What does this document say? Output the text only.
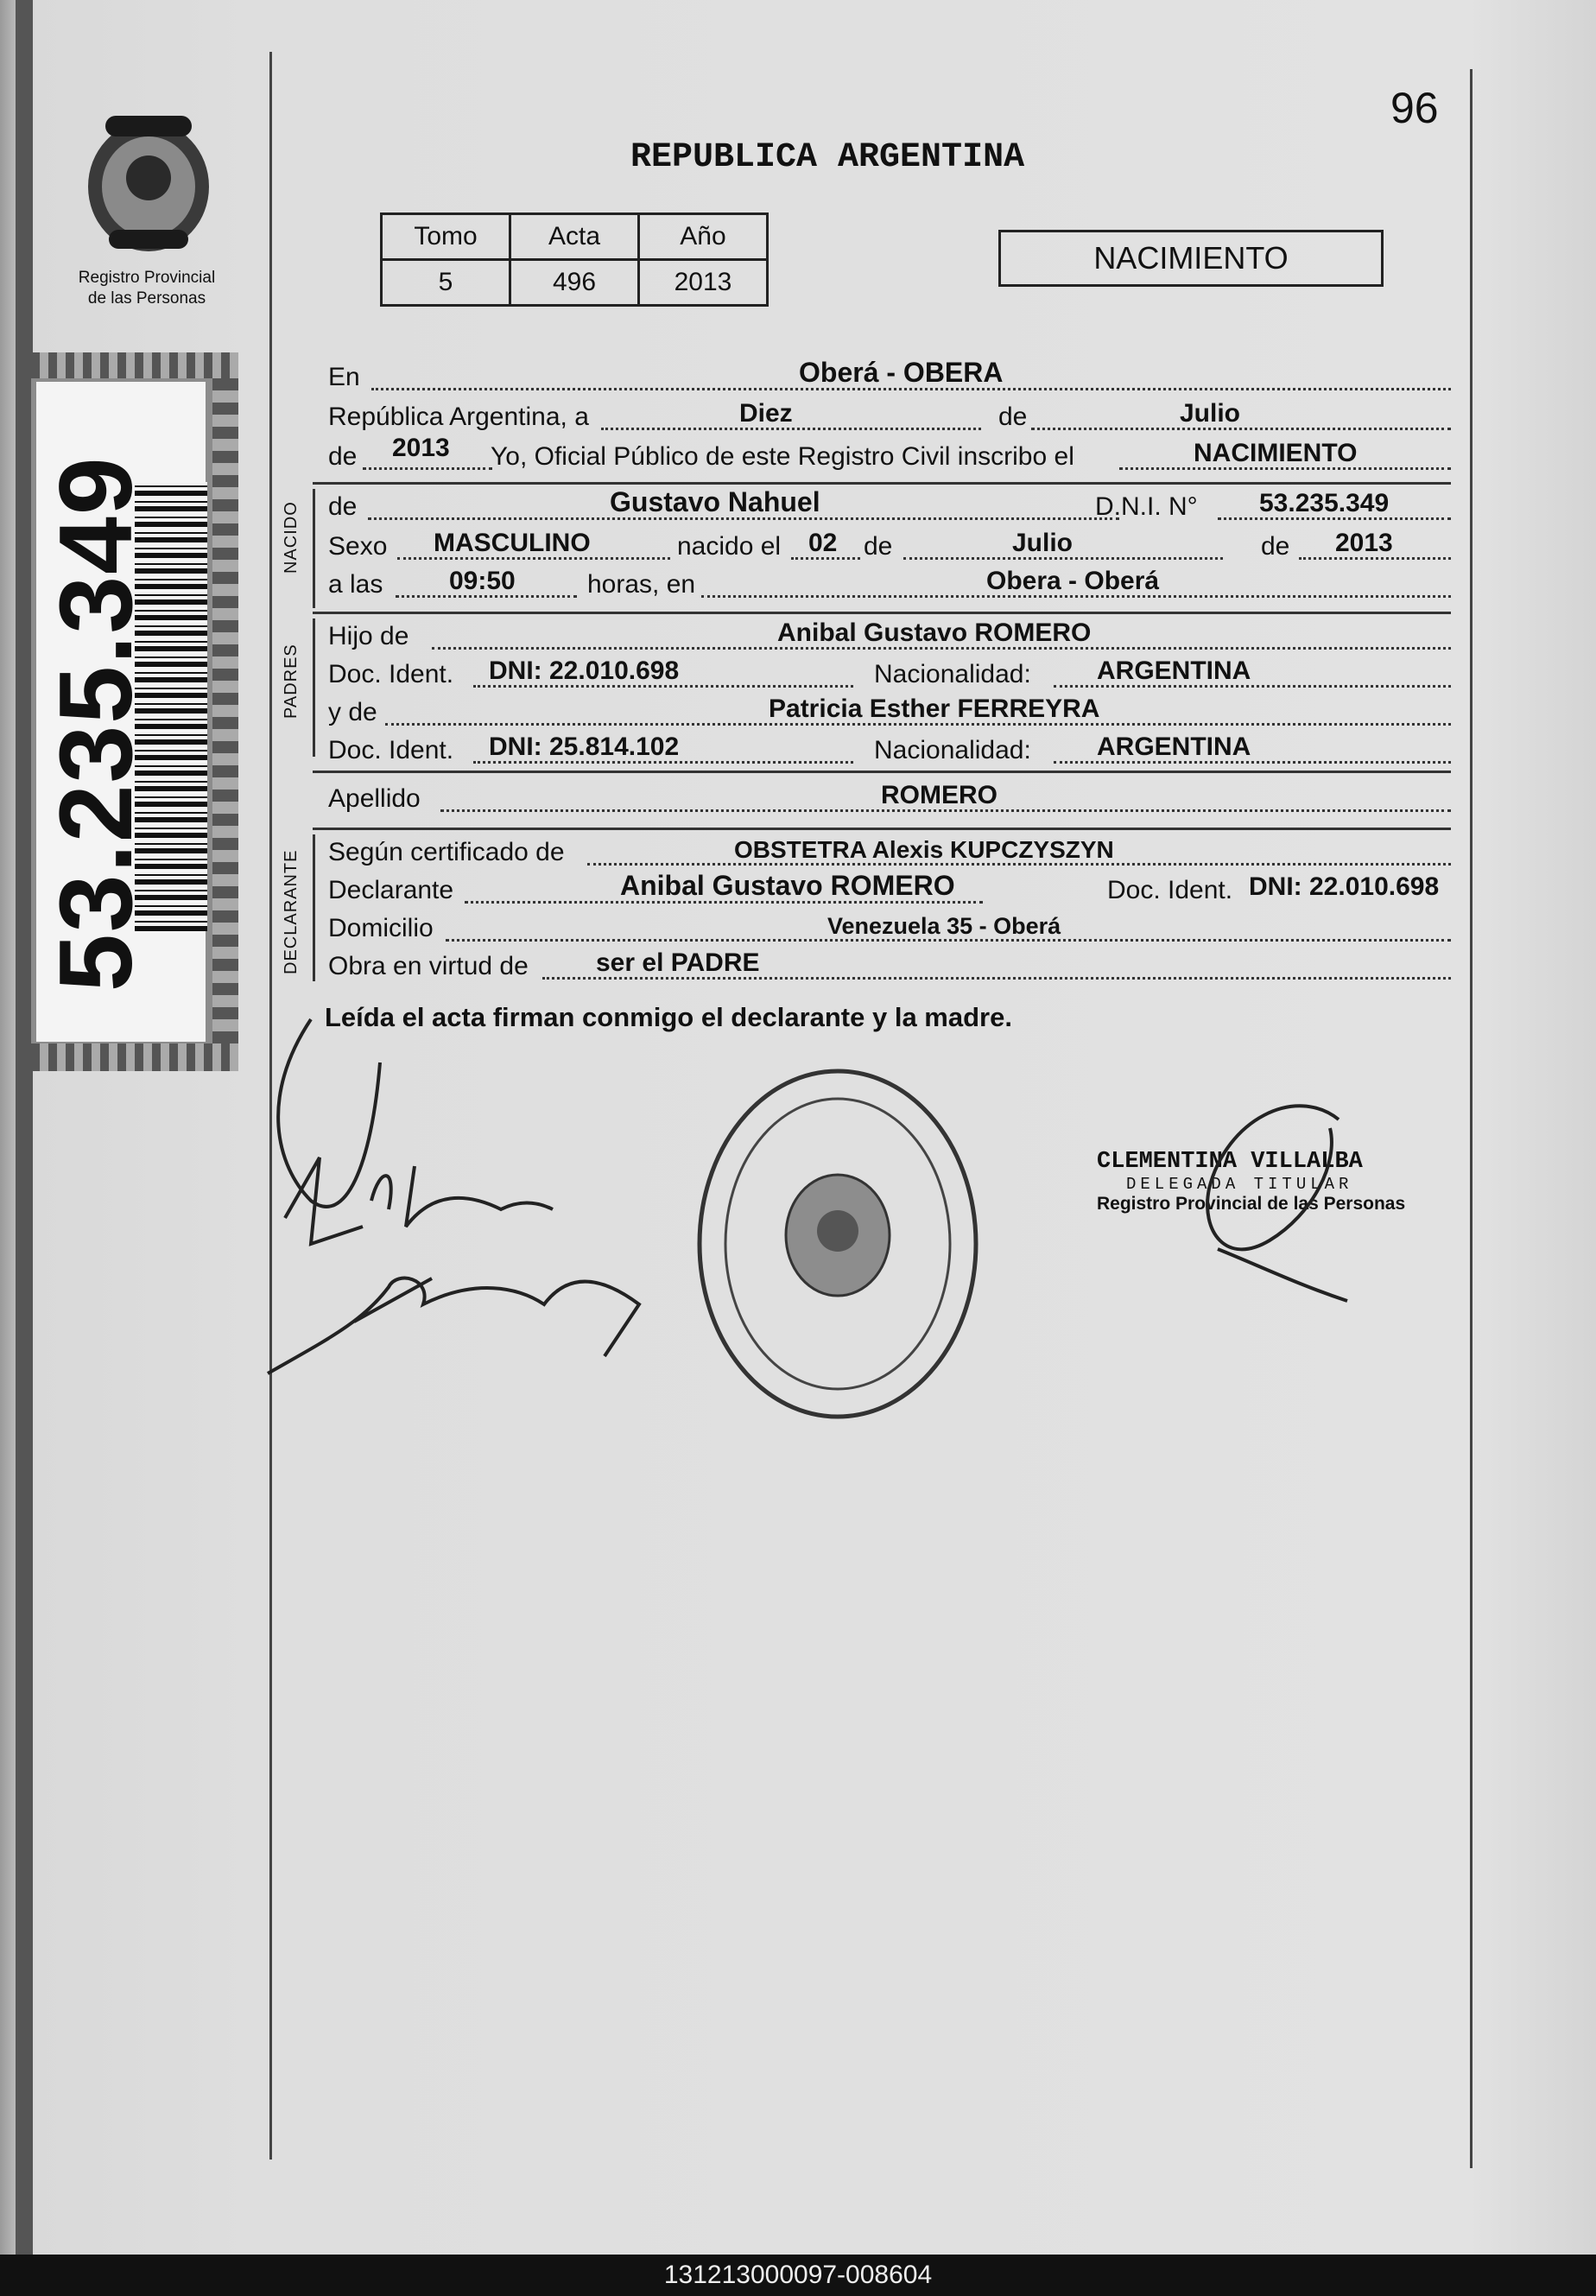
Registro Provincial
de las Personas
53.235.349
96
REPUBLICA ARGENTINA
Tomo	Acta	Año
5	496	2013
NACIMIENTO
En	Oberá - OBERA
República Argentina, a	Diez	de	Julio
de 2013 Yo, Oficial Público de este Registro Civil inscribo el	NACIMIENTO
NACIDO de	Gustavo Nahuel	D.N.I. N° 53.235.349
Sexo MASCULINO	nacido el 02 de	Julio	de 2013
a las	09:50	horas, en	Obera - Oberá
PADRES
Hijo de	Anibal Gustavo ROMERO
Doc. Ident. DNI: 22.010.698	Nacionalidad:	ARGENTINA
y de	Patricia Esther FERREYRA
Doc. Ident. DNI: 25.814.102	Nacionalidad:	ARGENTINA
Apellido	ROMERO
DECLARANTE Según certificado de	OBSTETRA Alexis KUPCZYSZYN
Declarante	Anibal Gustavo ROMERO	Doc. Ident. DNI: 22.010.698
Domicilio	Venezuela 35 - Oberá
Obra en virtud de	ser el PADRE
Leída el acta firman conmigo el declarante y la madre.
CLEMENTINA VILLALBA
DELEGADA TITULAR
Registro Provincial de las Personas
131213000097-008604
